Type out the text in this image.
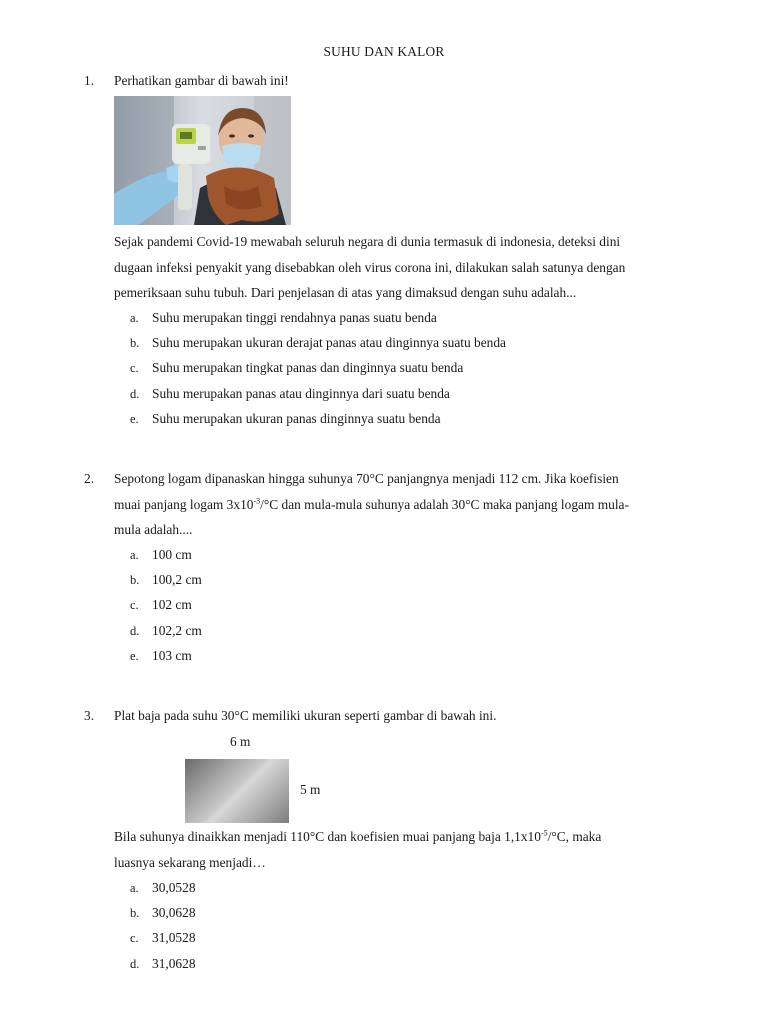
SUHU DAN KALOR
1. Perhatikan gambar di bawah ini!
Sejak pandemi Covid-19 mewabah seluruh negara di dunia termasuk di indonesia, deteksi dini
dugaan infeksi penyakit yang disebabkan oleh virus corona ini, dilakukan salah satunya dengan
pemeriksaan suhu tubuh. Dari penjelasan di atas yang dimaksud dengan suhu adalah...
a. Suhu merupakan tinggi rendahnya panas suatu benda
b. Suhu merupakan ukuran derajat panas atau dinginnya suatu benda
c. Suhu merupakan tingkat panas dan dinginnya suatu benda
d. Suhu merupakan panas atau dinginnya dari suatu benda
e. Suhu merupakan ukuran panas dinginnya suatu benda
2. Sepotong logam dipanaskan hingga suhunya 70°C panjangnya menjadi 112 cm. Jika koefisien
muai panjang logam $3x10^{-3}/^\circ C$ dan mula-mula suhunya adalah 30°C maka panjang logam mula-
mula adalah....
a. 100 cm
b. 100,2 cm
c. 102 cm
d. 102,2 cm
e. 103 cm
3. Plat baja pada suhu 30°C memiliki ukuran seperti gambar di bawah ini.
6 m
5 m
Bila suhunya dinaikkan menjadi 110°C dan koefisien muai panjang baja $1,1x10^{-5}/^\circ C$, maka
luasnya sekarang menjadi…
a. 30,0528
b. 30,0628
c. 31,0528
d. 31,0628
